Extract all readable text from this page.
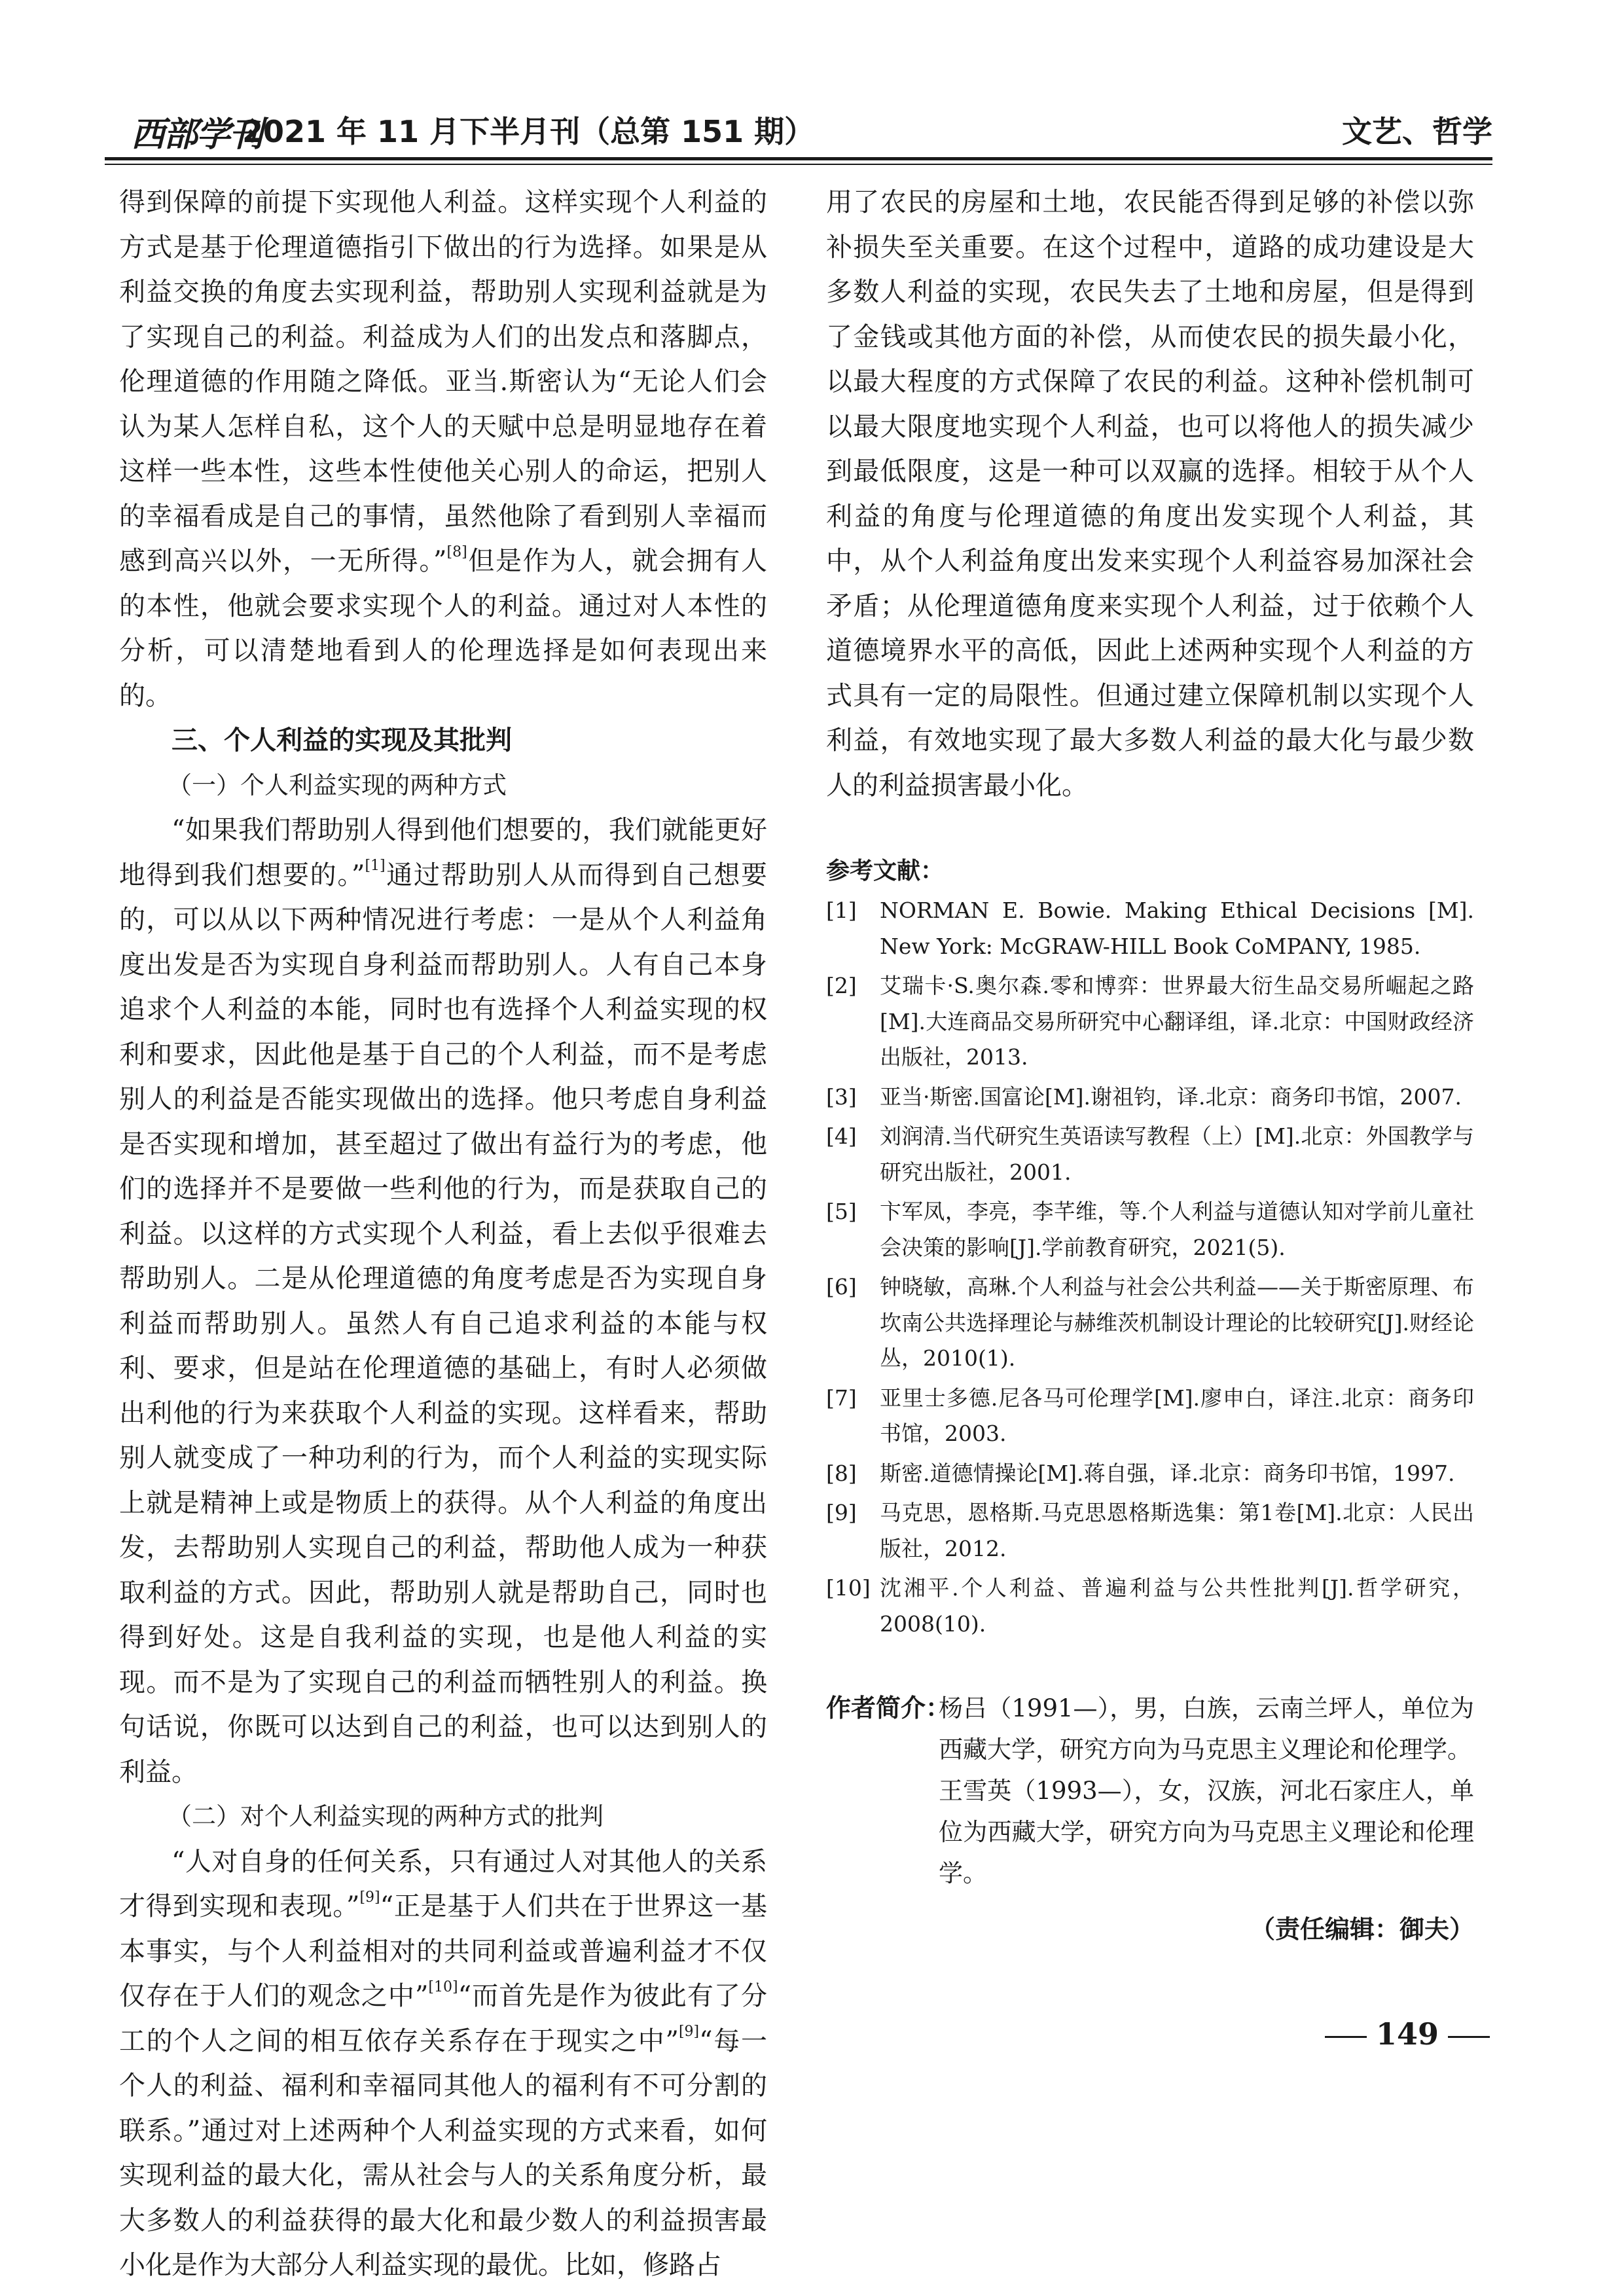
西部学刊
2021 年 11 月下半月刊（总第 151 期）	文艺、哲学

得到保障的前提下实现他人利益。这样实现个人利益的方式是基于伦理道德指引下做出的行为选择。如果是从利益交换的角度去实现利益，帮助别人实现利益就是为了实现自己的利益。利益成为人们的出发点和落脚点，伦理道德的作用随之降低。亚当.斯密认为“无论人们会认为某人怎样自私，这个人的天赋中总是明显地存在着这样一些本性，这些本性使他关心别人的命运，把别人的幸福看成是自己的事情，虽然他除了看到别人幸福而感到高兴以外，一无所得。”[8]但是作为人，就会拥有人的本性，他就会要求实现个人的利益。通过对人本性的分析，可以清楚地看到人的伦理选择是如何表现出来的。

三、个人利益的实现及其批判
（一）个人利益实现的两种方式

“如果我们帮助别人得到他们想要的，我们就能更好地得到我们想要的。”[1]通过帮助别人从而得到自己想要的，可以从以下两种情况进行考虑：一是从个人利益角度出发是否为实现自身利益而帮助别人。人有自己本身追求个人利益的本能，同时也有选择个人利益实现的权利和要求，因此他是基于自己的个人利益，而不是考虑别人的利益是否能实现做出的选择。他只考虑自身利益是否实现和增加，甚至超过了做出有益行为的考虑，他们的选择并不是要做一些利他的行为，而是获取自己的利益。以这样的方式实现个人利益，看上去似乎很难去帮助别人。二是从伦理道德的角度考虑是否为实现自身利益而帮助别人。虽然人有自己追求利益的本能与权利、要求，但是站在伦理道德的基础上，有时人必须做出利他的行为来获取个人利益的实现。这样看来，帮助别人就变成了一种功利的行为，而个人利益的实现实际上就是精神上或是物质上的获得。从个人利益的角度出发，去帮助别人实现自己的利益，帮助他人成为一种获取利益的方式。因此，帮助别人就是帮助自己，同时也得到好处。这是自我利益的实现，也是他人利益的实现。而不是为了实现自己的利益而牺牲别人的利益。换句话说，你既可以达到自己的利益，也可以达到别人的利益。

（二）对个人利益实现的两种方式的批判

“人对自身的任何关系，只有通过人对其他人的关系才得到实现和表现。”[9]“正是基于人们共在于世界这一基本事实，与个人利益相对的共同利益或普遍利益才不仅仅存在于人们的观念之中”[10]“而首先是作为彼此有了分工的个人之间的相互依存关系存在于现实之中”[9]“每一个人的利益、福利和幸福同其他人的福利有不可分割的联系。”通过对上述两种个人利益实现的方式来看，如何实现利益的最大化，需从社会与人的关系角度分析，最大多数人的利益获得的最大化和最少数人的利益损害最小化是作为大部分人利益实现的最优。比如，修路占

用了农民的房屋和土地，农民能否得到足够的补偿以弥补损失至关重要。在这个过程中，道路的成功建设是大多数人利益的实现，农民失去了土地和房屋，但是得到了金钱或其他方面的补偿，从而使农民的损失最小化，以最大程度的方式保障了农民的利益。这种补偿机制可以最大限度地实现个人利益，也可以将他人的损失减少到最低限度，这是一种可以双赢的选择。相较于从个人利益的角度与伦理道德的角度出发实现个人利益，其中，从个人利益角度出发来实现个人利益容易加深社会矛盾；从伦理道德角度来实现个人利益，过于依赖个人道德境界水平的高低，因此上述两种实现个人利益的方式具有一定的局限性。但通过建立保障机制以实现个人利益，有效地实现了最大多数人利益的最大化与最少数人的利益损害最小化。

参考文献：
[1] NORMAN E. Bowie. Making Ethical Decisions [M]. New York: McGRAW-HILL Book CoMPANY, 1985.
[2] 艾瑞卡·S.奥尔森.零和博弈：世界最大衍生品交易所崛起之路[M].大连商品交易所研究中心翻译组，译.北京：中国财政经济出版社，2013.
[3] 亚当·斯密.国富论[M].谢祖钧，译.北京：商务印书馆，2007.
[4] 刘润清.当代研究生英语读写教程（上）[M].北京：外国教学与研究出版社，2001.
[5] 卞军凤，李亮，李芊维，等.个人利益与道德认知对学前儿童社会决策的影响[J].学前教育研究，2021(5).
[6] 钟晓敏，高琳.个人利益与社会公共利益——关于斯密原理、布坎南公共选择理论与赫维茨机制设计理论的比较研究[J].财经论丛，2010(1).
[7] 亚里士多德.尼各马可伦理学[M].廖申白，译注.北京：商务印书馆，2003.
[8] 斯密.道德情操论[M].蒋自强，译.北京：商务印书馆，1997.
[9] 马克思，恩格斯.马克思恩格斯选集：第1卷[M].北京：人民出版社，2012.
[10] 沈湘平.个人利益、普遍利益与公共性批判[J].哲学研究，2008(10).
作者简介：
杨吕（1991—），男，白族，云南兰坪人，单位为西藏大学，研究方向为马克思主义理论和伦理学。
王雪英（1993—），女，汉族，河北石家庄人，单位为西藏大学，研究方向为马克思主义理论和伦理学。
（责任编辑：御夫）
149
